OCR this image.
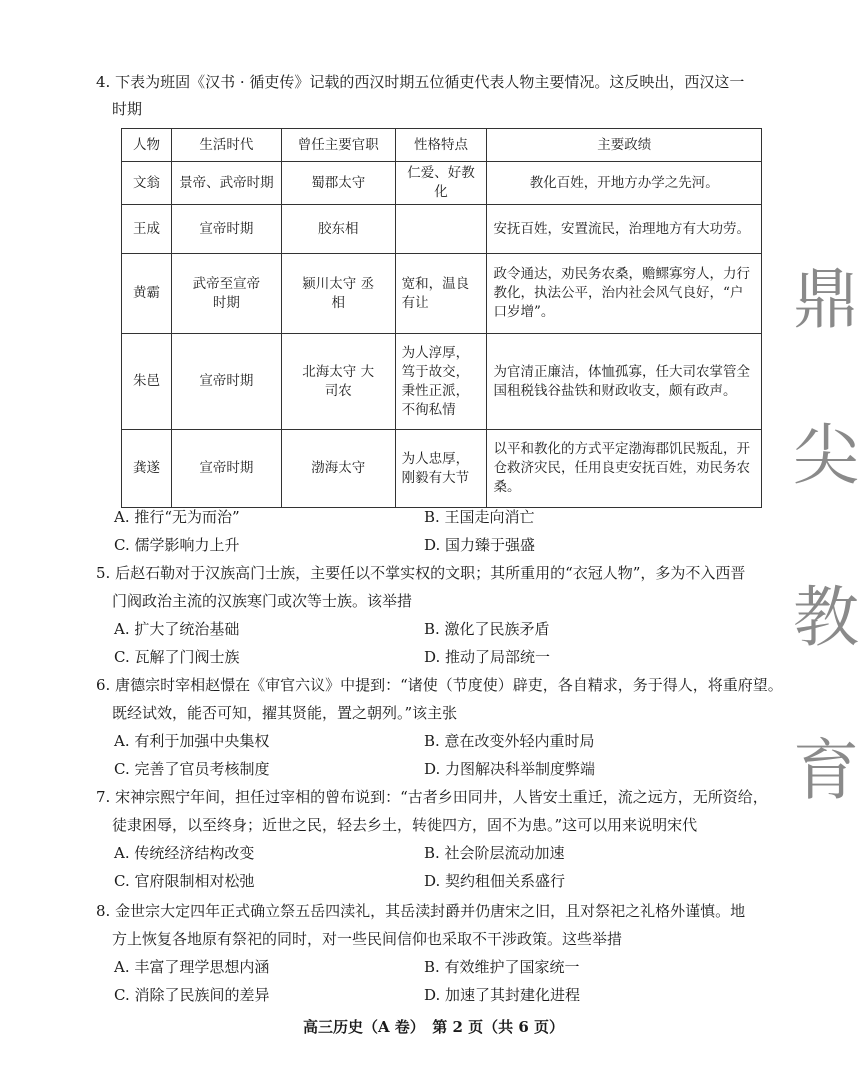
4. 下表为班固《汉书 · 循吏传》记载的西汉时期五位循吏代表人物主要情况。这反映出，西汉这一
时期
人物	生活时代	曾任主要官职	性格特点	主要政绩
文翁	景帝、武帝时期	蜀郡太守	仁爱、好教化	教化百姓，开地方办学之先河。
王成	宣帝时期	胶东相		安抚百姓，安置流民，治理地方有大功劳。
黄霸	武帝至宣帝时期	颍川太守 丞相	宽和，温良有让	政令通达，劝民务农桑，赡鳏寡穷人，力行教化，执法公平，治内社会风气良好，“户口岁增”。
朱邑	宣帝时期	北海太守 大司农	为人淳厚，笃于故交，秉性正派，不徇私情	为官清正廉洁，体恤孤寡，任大司农掌管全国租税钱谷盐铁和财政收支，颇有政声。
龚遂	宣帝时期	渤海太守	为人忠厚，刚毅有大节	以平和教化的方式平定渤海郡饥民叛乱，开仓救济灾民，任用良吏安抚百姓，劝民务农桑。
A. 推行“无为而治”	B. 王国走向消亡
C. 儒学影响力上升	D. 国力臻于强盛
5. 后赵石勒对于汉族高门士族，主要任以不掌实权的文职；其所重用的“衣冠人物”，多为不入西晋
门阀政治主流的汉族寒门或次等士族。该举措
A. 扩大了统治基础	B. 激化了民族矛盾
C. 瓦解了门阀士族	D. 推动了局部统一
6. 唐德宗时宰相赵憬在《审官六议》中提到：“诸使（节度使）辟吏，各自精求，务于得人，将重府望。
既经试效，能否可知，擢其贤能，置之朝列。”该主张
A. 有利于加强中央集权	B. 意在改变外轻内重时局
C. 完善了官员考核制度	D. 力图解决科举制度弊端
7. 宋神宗熙宁年间，担任过宰相的曾布说到：“古者乡田同井，人皆安土重迁，流之远方，无所资给，
徒隶困辱，以至终身；近世之民，轻去乡土，转徙四方，固不为患。”这可以用来说明宋代
A. 传统经济结构改变	B. 社会阶层流动加速
C. 官府限制相对松弛	D. 契约租佃关系盛行
8. 金世宗大定四年正式确立祭五岳四渎礼，其岳渎封爵并仍唐宋之旧，且对祭祀之礼格外谨慎。地
方上恢复各地原有祭祀的同时，对一些民间信仰也采取不干涉政策。这些举措
A. 丰富了理学思想内涵	B. 有效维护了国家统一
C. 消除了民族间的差异	D. 加速了其封建化进程
鼎
尖
教
育
高三历史（A 卷）　第 2 页（共 6 页）
